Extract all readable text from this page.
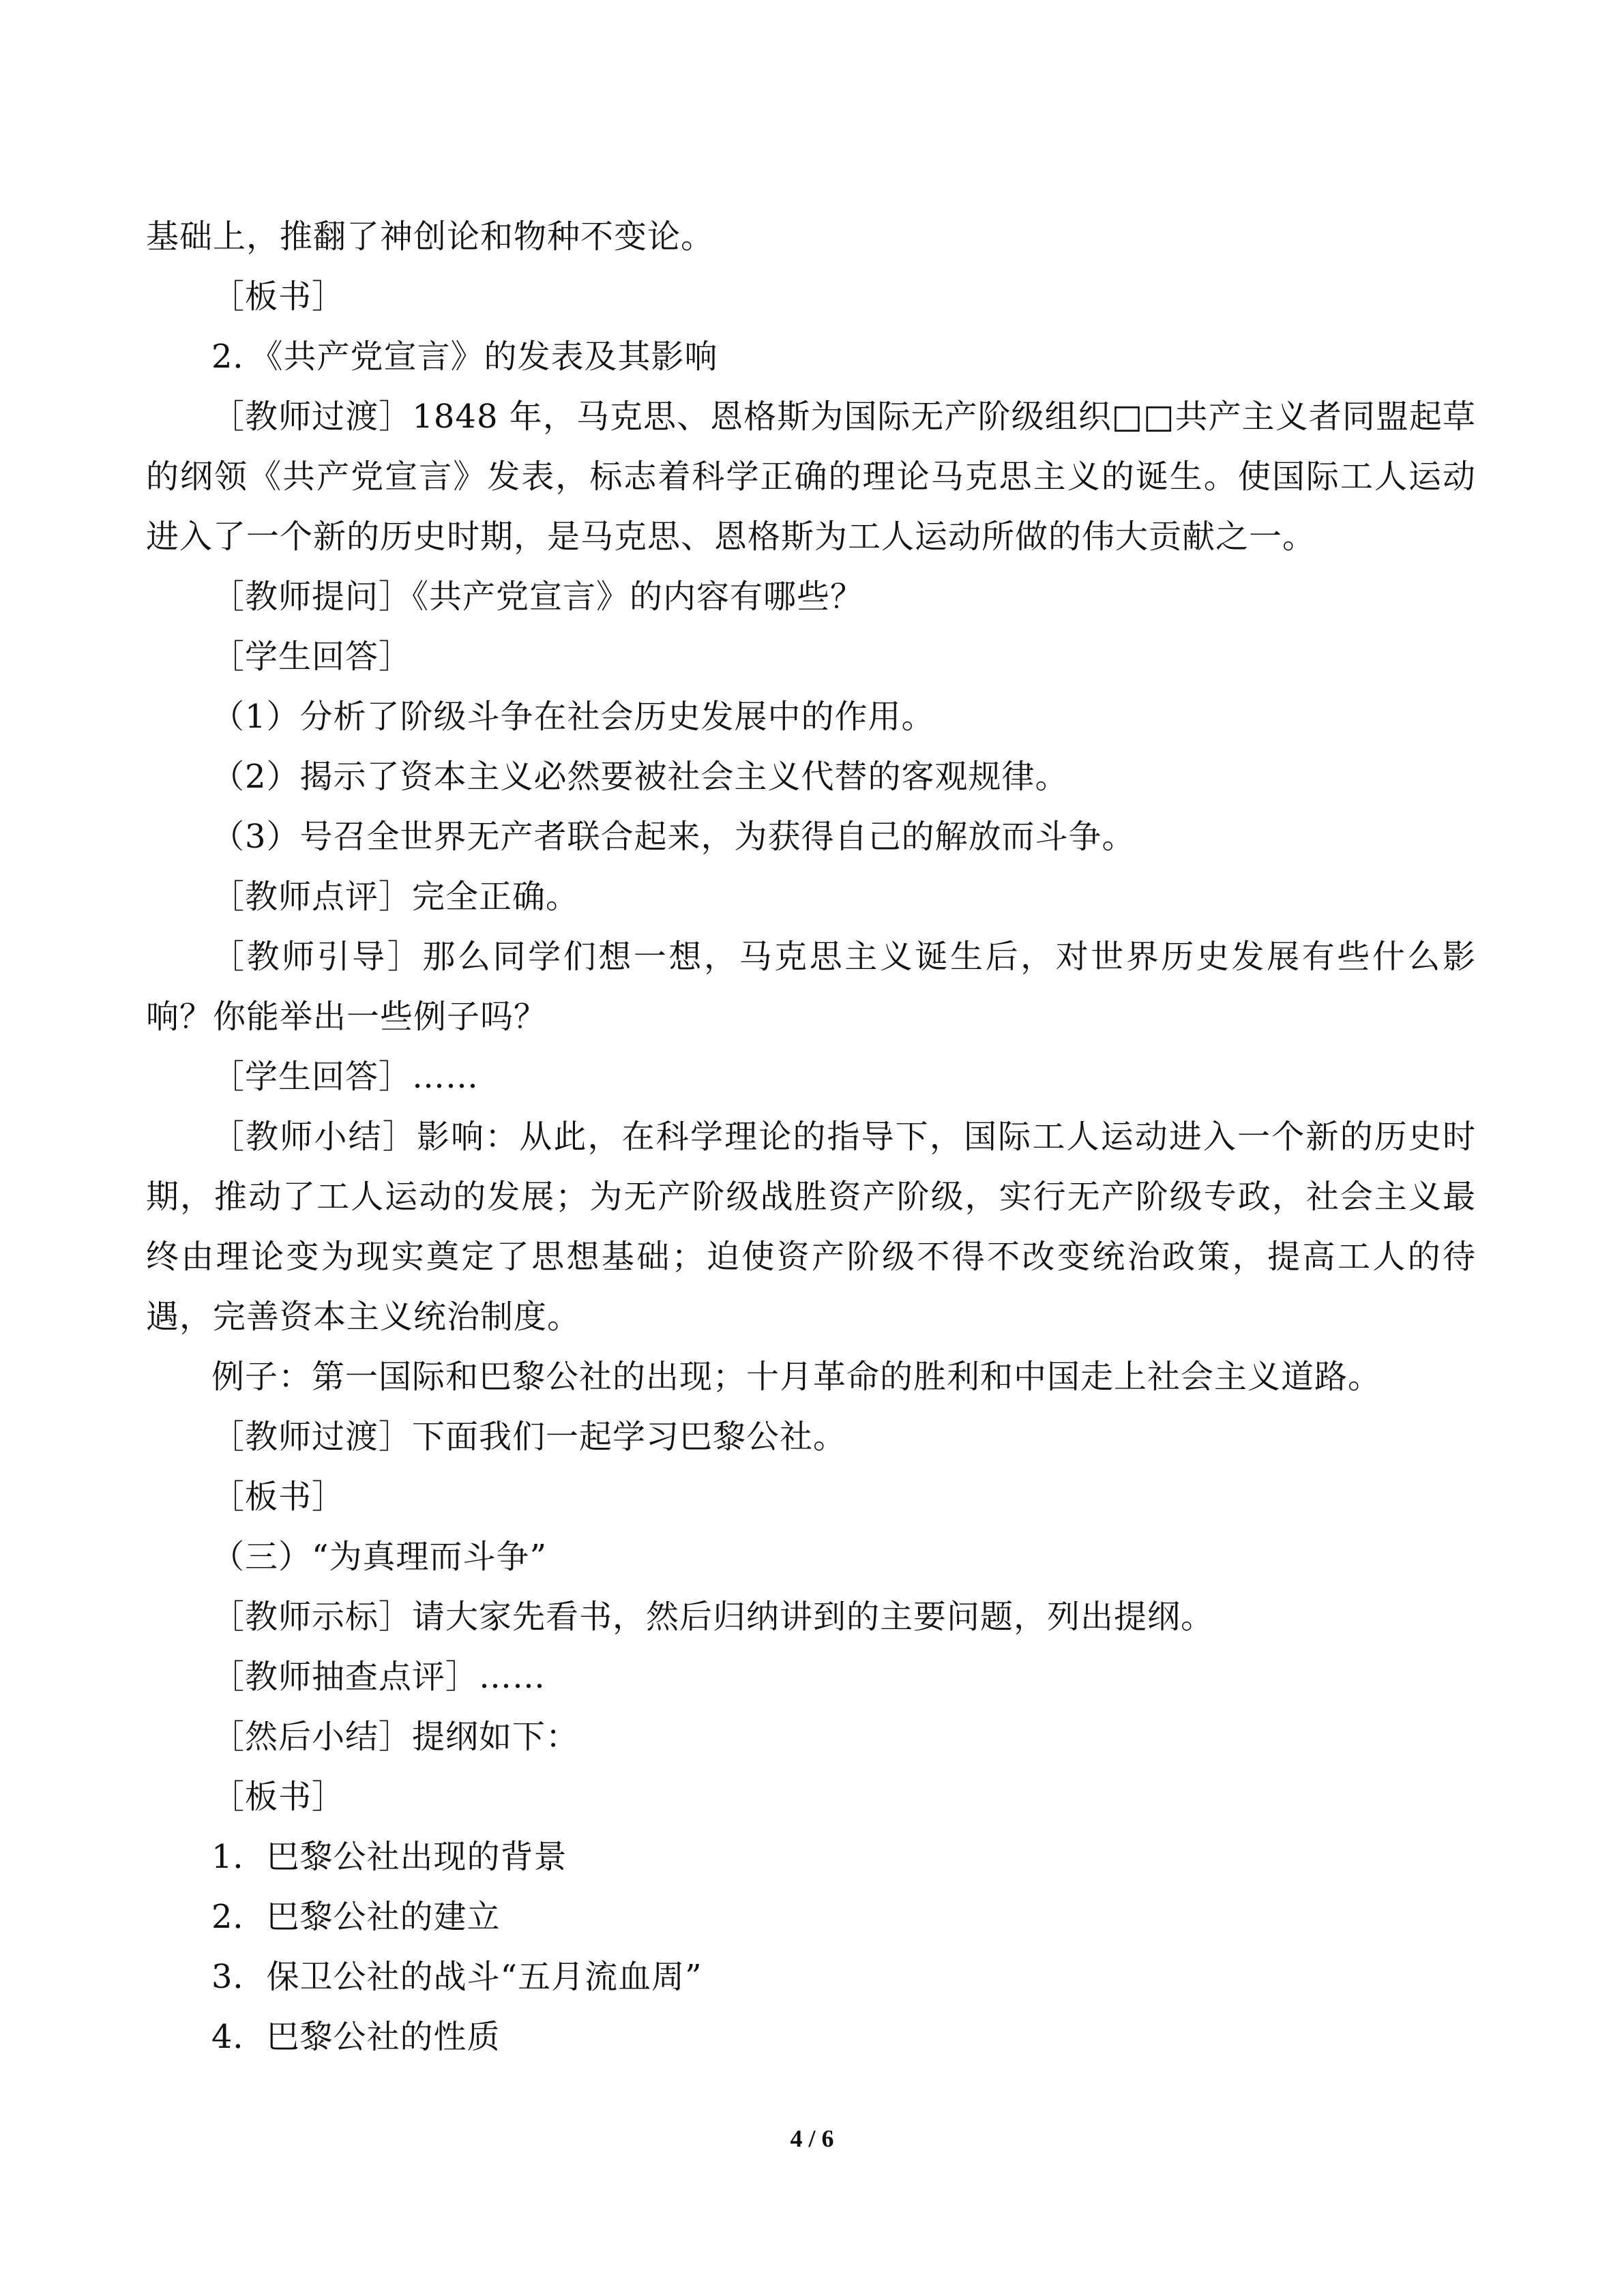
基础上，推翻了神创论和物种不变论。

［板书］

2．《共产党宣言》的发表及其影响

［教师过渡］1848 年，马克思、恩格斯为国际无产阶级组织□□共产主义者同盟起草的纲领《共产党宣言》发表，标志着科学正确的理论马克思主义的诞生。使国际工人运动进入了一个新的历史时期，是马克思、恩格斯为工人运动所做的伟大贡献之一。

［教师提问］《共产党宣言》的内容有哪些？

［学生回答］

（1）分析了阶级斗争在社会历史发展中的作用。

（2）揭示了资本主义必然要被社会主义代替的客观规律。

（3）号召全世界无产者联合起来，为获得自己的解放而斗争。

［教师点评］完全正确。

［教师引导］那么同学们想一想，马克思主义诞生后，对世界历史发展有些什么影响？你能举出一些例子吗？

［学生回答］……

［教师小结］影响：从此，在科学理论的指导下，国际工人运动进入一个新的历史时期，推动了工人运动的发展；为无产阶级战胜资产阶级，实行无产阶级专政，社会主义最终由理论变为现实奠定了思想基础；迫使资产阶级不得不改变统治政策，提高工人的待遇，完善资本主义统治制度。

例子：第一国际和巴黎公社的出现；十月革命的胜利和中国走上社会主义道路。

［教师过渡］下面我们一起学习巴黎公社。

［板书］

（三）“为真理而斗争”

［教师示标］请大家先看书，然后归纳讲到的主要问题，列出提纲。

［教师抽查点评］……

［然后小结］提纲如下：

［板书］

1．巴黎公社出现的背景

2．巴黎公社的建立

3．保卫公社的战斗“五月流血周”

4．巴黎公社的性质

4 / 6
